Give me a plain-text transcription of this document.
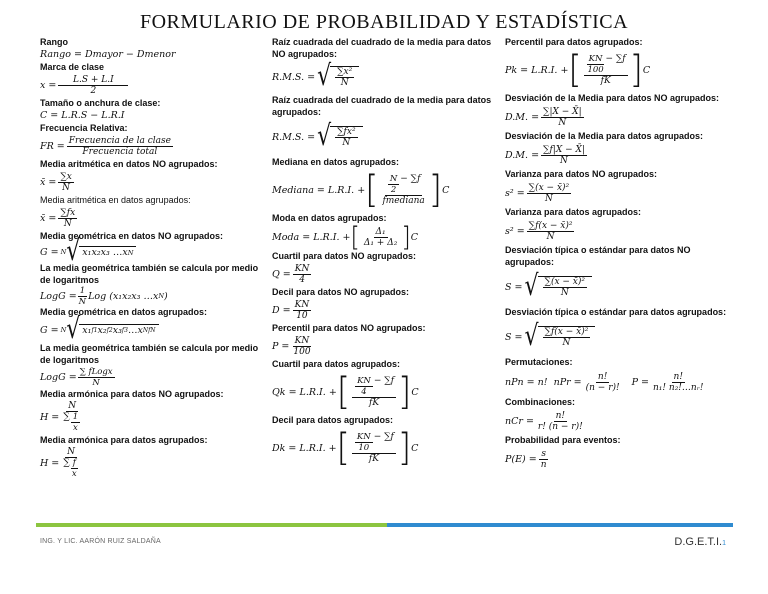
FORMULARIO DE PROBABILIDAD Y ESTADÍSTICA
Rango
Rango = Dmayor − Dmenor
Marca de clase
$x = \frac{L.S + L.I}{2}$
Tamaño o anchura de clase:
C = L.R.S − L.R.I
Frecuencia Relativa:
FR = Frecuencia de la clase
Frecuencia total
Media aritmética en datos NO agrupados:
x̄ = $\frac{\sum x}{N}$
Media aritmética en datos agrupados:
x̄ = $\frac{\sum fx}{N}$
Media geométrica en datos NO agrupados:
G = N √ x₁x₂x₃ …x N
La media geométrica también se calcula por medio de logaritmos
LogG = $\frac{1}{N}$ Log (x₁x₂x₃ …x N )
Media geométrica en datos agrupados:
G = N √ x₁ f1 x₂ f2 x₃ f3 …x N fN
La media geométrica también se calcula por medio de logaritmos
LogG = ∑ fLogx
N
Media armónica para datos NO agrupados:
$H = \frac{N}{\sum \frac{1}{x}}$
Media armónica para datos agrupados:
$H = \frac{N}{\sum \frac{f}{x}}$
Raíz cuadrada del cuadrado de la media para datos NO agrupados:
R.M.S. = √ $\frac{\text{∑x²}}{N}$
Raíz cuadrada del cuadrado de la media para datos agrupados:
R.M.S. = √ $\frac{\text{∑fx²}}{N}$
Mediana en datos agrupados:
Mediana = L.R.I. + [ $\frac{N}{2} - \sum f$
fmediana ] C
Moda en datos agrupados:
Moda = L.R.I. + [ $\frac{\text{Δ₁}}{\text{Δ₁ + Δ₂}}$ ] C
Cuartil para datos NO agrupados:
$Q = \frac{KN}{4}$
Decil para datos NO agrupados:
$D = \frac{KN}{10}$
Percentil para datos NO agrupados:
$P = \frac{KN}{100}$
Cuartil para datos agrupados:
Qk = L.R.I. + [ $\frac{KN}{4} - \sum f$
fK ] C
Decil para datos agrupados:
Dk = L.R.I. + [ $\frac{KN}{10} - \sum f$
fK ] C
Percentil para datos agrupados:
Pk = L.R.I. + [ $\frac{KN}{100} - \sum f$
fK ] C
Desviación de la Media para datos NO agrupados:
D.M. = $\frac{\sum|X - X̄|}{N}$
Desviación de la Media para datos agrupados:
D.M. = $\frac{\sum f|X - X̄|}{N}$
Varianza para datos NO agrupados:
$s^2 = \frac{\text{∑(x − x̄)²}}{N}$
Varianza para datos agrupados:
$s^2 = \frac{\text{∑f(x − x̄)²}}{N}$
Desviación típica o estándar para datos NO agrupados:
S = √ $\frac{\text{∑(x − x̄)²}}{N}$
Desviación típica o estándar para datos agrupados:
S = √ $\frac{\text{∑f(x − x̄)²}}{N}$
Permutaciones:
nPn = n! nPr = $\frac{n!}{(n - r)!}$ $P = \frac{n!}{\text{n₁! n₂!…nᵣ!}}$
Combinaciones:
nCr = $\frac{n!}{r! (n - r)!}$
Probabilidad para eventos:
$P(E) = \frac{s}{n}$
ING. Y LIC. AARÓN RUIZ SALDAÑA	D.G.E.T.I.1
